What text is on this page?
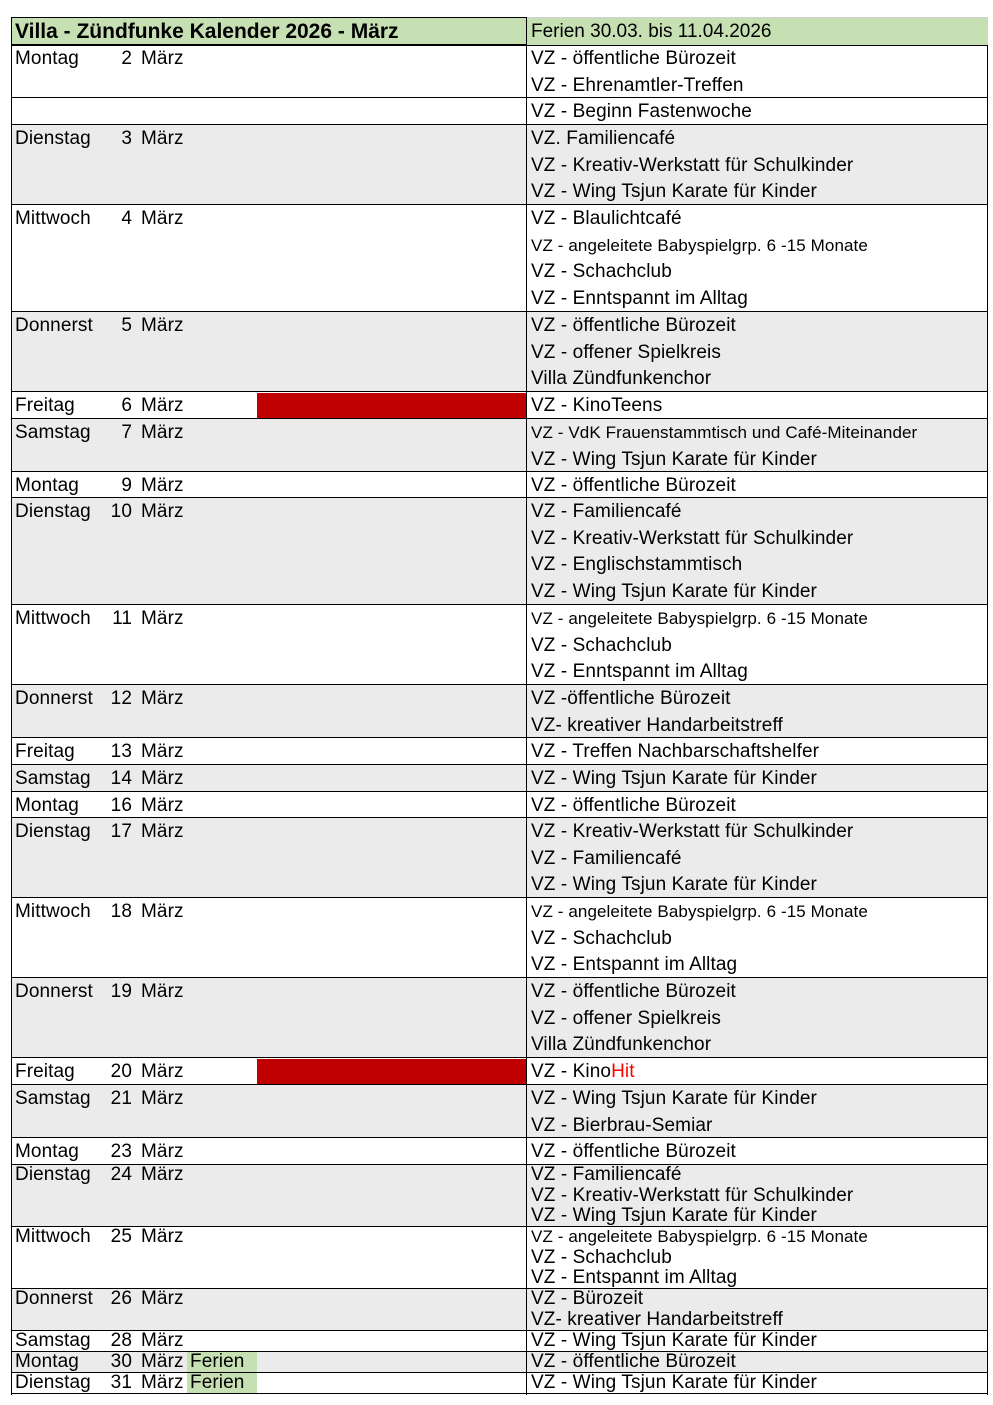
Villa - Zündfunke Kalender 2026 - März	Ferien 30.03. bis 11.04.2026
Montag	2 März	VZ - öffentliche Bürozeit
VZ - Ehrenamtler-Treffen
VZ - Beginn Fastenwoche
Dienstag	3 März	VZ. Familiencafé
VZ - Kreativ-Werkstatt für Schulkinder
VZ - Wing Tsjun Karate für Kinder
Mittwoch	4 März	VZ - Blaulichtcafé
VZ - angeleitete Babyspielgrp. 6 -15 Monate
VZ - Schachclub
VZ - Enntspannt im Alltag
Donnerst	5 März	VZ - öffentliche Bürozeit
VZ - offener Spielkreis
Villa Zündfunkenchor
Freitag	6 März	VZ - KinoTeens
Samstag	7 März	VZ - VdK Frauenstammtisch und Café-Miteinander
VZ - Wing Tsjun Karate für Kinder
Montag	9 März	VZ - öffentliche Bürozeit
Dienstag 10 März	VZ - Familiencafé
VZ - Kreativ-Werkstatt für Schulkinder
VZ - Englischstammtisch
VZ - Wing Tsjun Karate für Kinder
Mittwoch 11 März	VZ - angeleitete Babyspielgrp. 6 -15 Monate
VZ - Schachclub
VZ - Enntspannt im Alltag
Donnerst 12 März	VZ -öffentliche Bürozeit
VZ- kreativer Handarbeitstreff
Freitag 13 März	VZ - Treffen Nachbarschaftshelfer
Samstag 14 März	VZ - Wing Tsjun Karate für Kinder
Montag 16 März	VZ - öffentliche Bürozeit
Dienstag 17 März	VZ - Kreativ-Werkstatt für Schulkinder
VZ - Familiencafé
VZ - Wing Tsjun Karate für Kinder
Mittwoch 18 März	VZ - angeleitete Babyspielgrp. 6 -15 Monate
VZ - Schachclub
VZ - Entspannt im Alltag
Donnerst 19 März	VZ - öffentliche Bürozeit
VZ - offener Spielkreis
Villa Zündfunkenchor
Freitag 20 März	VZ - KinoHit
Samstag 21 März	VZ - Wing Tsjun Karate für Kinder
VZ - Bierbrau-Semiar
Montag 23 März	VZ - öffentliche Bürozeit
Dienstag 24 März	VZ - Familiencafé
VZ - Kreativ-Werkstatt für Schulkinder
VZ - Wing Tsjun Karate für Kinder
Mittwoch 25 März	VZ - angeleitete Babyspielgrp. 6 -15 Monate
VZ - Schachclub
VZ - Entspannt im Alltag
Donnerst 26 März	VZ - Bürozeit
VZ- kreativer Handarbeitstreff
Samstag 28 März	VZ - Wing Tsjun Karate für Kinder
Montag 30 März Ferien	VZ - öffentliche Bürozeit
Dienstag 31 März Ferien	VZ - Wing Tsjun Karate für Kinder
